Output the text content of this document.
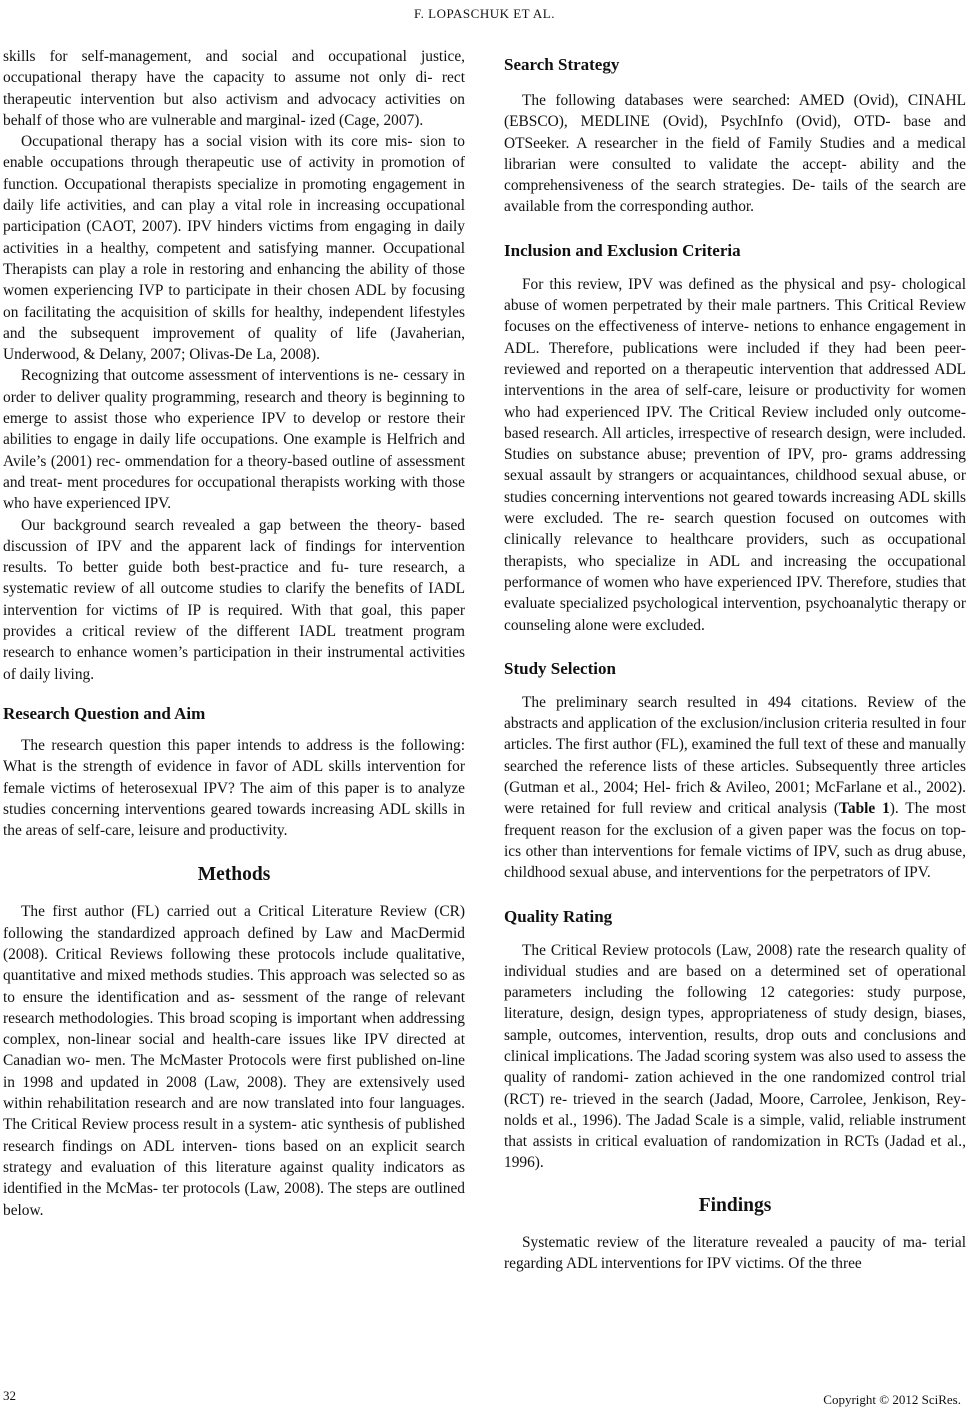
F. LOPASCHUK ET AL.

skills for self-management, and social and occupational justice, occupational therapy have the capacity to assume not only di- rect therapeutic intervention but also activism and advocacy activities on behalf of those who are vulnerable and marginal- ized (Cage, 2007).

Occupational therapy has a social vision with its core mis- sion to enable occupations through therapeutic use of activity in promotion of function. Occupational therapists specialize in promoting engagement in daily life activities, and can play a vital role in increasing occupational participation (CAOT, 2007). IPV hinders victims from engaging in daily activities in a healthy, competent and satisfying manner. Occupational Therapists can play a role in restoring and enhancing the ability of those women experiencing IVP to participate in their chosen ADL by focusing on facilitating the acquisition of skills for healthy, independent lifestyles and the subsequent improvement of quality of life (Javaherian, Underwood, & Delany, 2007; Olivas-De La, 2008).

Recognizing that outcome assessment of interventions is ne- cessary in order to deliver quality programming, research and theory is beginning to emerge to assist those who experience IPV to develop or restore their abilities to engage in daily life occupations. One example is Helfrich and Avile’s (2001) rec- ommendation for a theory-based outline of assessment and treat- ment procedures for occupational therapists working with those who have experienced IPV.

Our background search revealed a gap between the theory- based discussion of IPV and the apparent lack of findings for intervention results. To better guide both best-practice and fu- ture research, a systematic review of all outcome studies to clarify the benefits of IADL intervention for victims of IP is required. With that goal, this paper provides a critical review of the different IADL treatment program research to enhance women’s participation in their instrumental activities of daily living.

Research Question and Aim

The research question this paper intends to address is the following: What is the strength of evidence in favor of ADL skills intervention for female victims of heterosexual IPV? The aim of this paper is to analyze studies concerning interventions geared towards increasing ADL skills in the areas of self-care, leisure and productivity.

Methods

The first author (FL) carried out a Critical Literature Review (CR) following the standardized approach defined by Law and MacDermid (2008). Critical Reviews following these protocols include qualitative, quantitative and mixed methods studies. This approach was selected so as to ensure the identification and as- sessment of the range of relevant research methodologies. This broad scoping is important when addressing complex, non-linear social and health-care issues like IPV directed at Canadian wo- men. The McMaster Protocols were first published on-line in 1998 and updated in 2008 (Law, 2008). They are extensively used within rehabilitation research and are now translated into four languages. The Critical Review process result in a system- atic synthesis of published research findings on ADL interven- tions based on an explicit search strategy and evaluation of this literature against quality indicators as identified in the McMas- ter protocols (Law, 2008). The steps are outlined below.

Search Strategy

The following databases were searched: AMED (Ovid), CINAHL (EBSCO), MEDLINE (Ovid), PsychInfo (Ovid), OTD- base and OTSeeker. A researcher in the field of Family Studies and a medical librarian were consulted to validate the accept- ability and the comprehensiveness of the search strategies. De- tails of the search are available from the corresponding author.

Inclusion and Exclusion Criteria

For this review, IPV was defined as the physical and psy- chological abuse of women perpetrated by their male partners. This Critical Review focuses on the effectiveness of interve- netions to enhance engagement in ADL. Therefore, publications were included if they had been peer-reviewed and reported on a therapeutic intervention that addressed ADL interventions in the area of self-care, leisure or productivity for women who had experienced IPV. The Critical Review included only outcome- based research. All articles, irrespective of research design, were included. Studies on substance abuse; prevention of IPV, pro- grams addressing sexual assault by strangers or acquaintances, childhood sexual abuse, or studies concerning interventions not geared towards increasing ADL skills were excluded. The re- search question focused on outcomes with clinically relevance to healthcare providers, such as occupational therapists, who specialize in ADL and increasing the occupational performance of women who have experienced IPV. Therefore, studies that evaluate specialized psychological intervention, psychoanalytic therapy or counseling alone were excluded.

Study Selection

The preliminary search resulted in 494 citations. Review of the abstracts and application of the exclusion/inclusion criteria resulted in four articles. The first author (FL), examined the full text of these and manually searched the reference lists of these articles. Subsequently three articles (Gutman et al., 2004; Hel- frich & Avileo, 2001; McFarlane et al., 2002). were retained for full review and critical analysis (Table 1). The most frequent reason for the exclusion of a given paper was the focus on top- ics other than interventions for female victims of IPV, such as drug abuse, childhood sexual abuse, and interventions for the perpetrators of IPV.

Quality Rating

The Critical Review protocols (Law, 2008) rate the research quality of individual studies and are based on a determined set of operational parameters including the following 12 categories: study purpose, literature, design, design types, appropriateness of study design, biases, sample, outcomes, intervention, results, drop outs and conclusions and clinical implications. The Jadad scoring system was also used to assess the quality of randomi- zation achieved in the one randomized control trial (RCT) re- trieved in the search (Jadad, Moore, Carrolee, Jenkison, Rey- nolds et al., 1996). The Jadad Scale is a simple, valid, reliable instrument that assists in critical evaluation of randomization in RCTs (Jadad et al., 1996).

Findings

Systematic review of the literature revealed a paucity of ma- terial regarding ADL interventions for IPV victims. Of the three

32	Copyright © 2012 SciRes.
